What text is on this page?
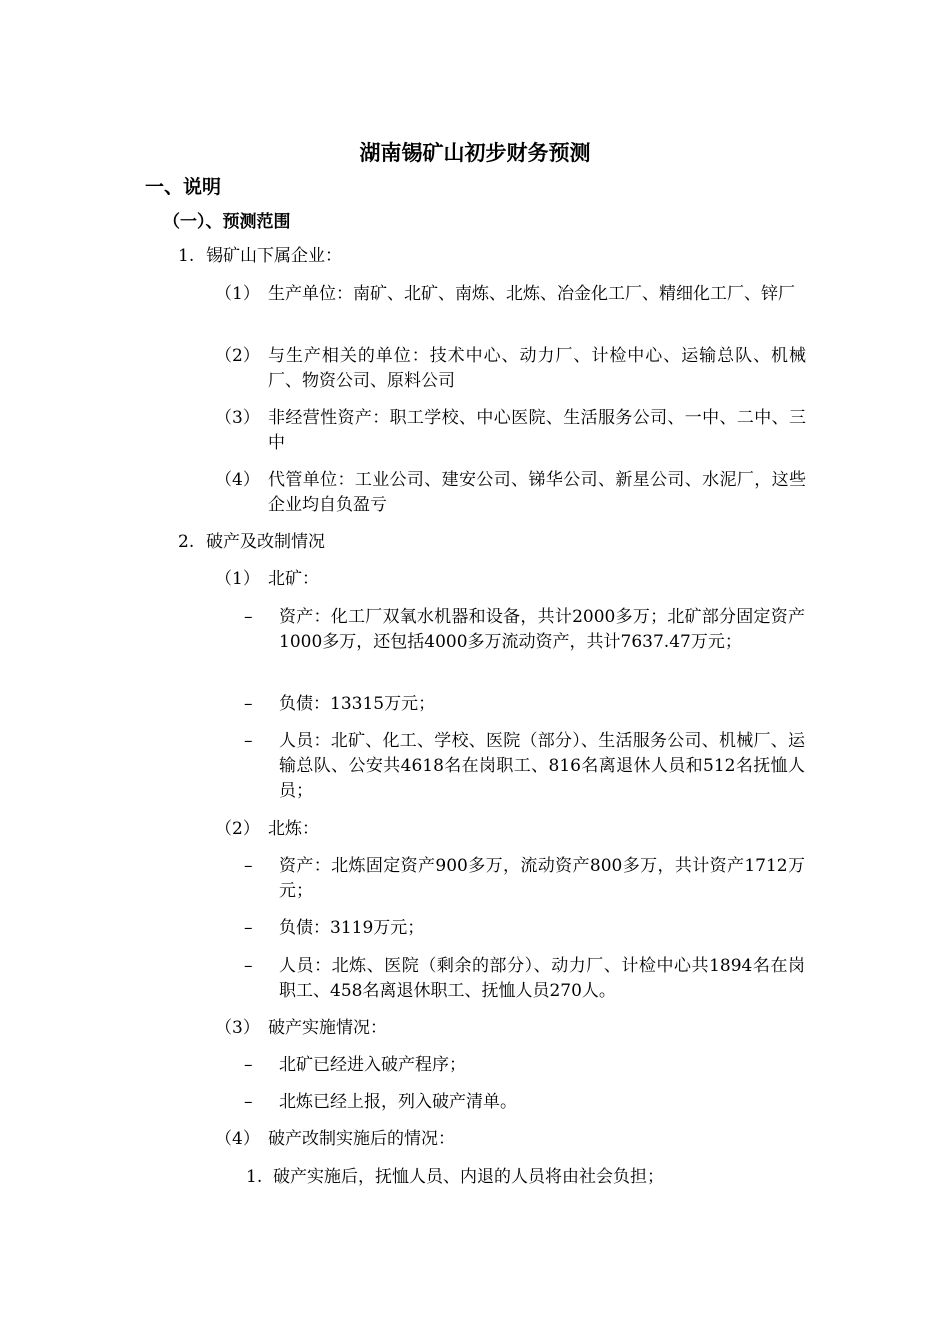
湖南锡矿山初步财务预测
一、说明
（一）、预测范围
1. 锡矿山下属企业：
（1） 生产单位：南矿、北矿、南炼、北炼、冶金化工厂、精细化工厂、锌厂
（2） 与生产相关的单位：技术中心、动力厂、计检中心、运输总队、机械厂、物资公司、原料公司
（3） 非经营性资产：职工学校、中心医院、生活服务公司、一中、二中、三中
（4） 代管单位：工业公司、建安公司、锑华公司、新星公司、水泥厂，这些企业均自负盈亏
2. 破产及改制情况
（1） 北矿：
– 资产：化工厂双氧水机器和设备，共计2000多万；北矿部分固定资产1000多万，还包括4000多万流动资产，共计7637.47万元；
– 负债：13315万元；
– 人员：北矿、化工、学校、医院（部分）、生活服务公司、机械厂、运输总队、公安共4618名在岗职工、816名离退休人员和512名抚恤人员；
（2） 北炼：
– 资产：北炼固定资产900多万，流动资产800多万，共计资产1712万元；
– 负债：3119万元；
– 人员：北炼、医院（剩余的部分）、动力厂、计检中心共1894名在岗职工、458名离退休职工、抚恤人员270人。
（3） 破产实施情况：
– 北矿已经进入破产程序；
– 北炼已经上报，列入破产清单。
（4） 破产改制实施后的情况：
1. 破产实施后，抚恤人员、内退的人员将由社会负担；
